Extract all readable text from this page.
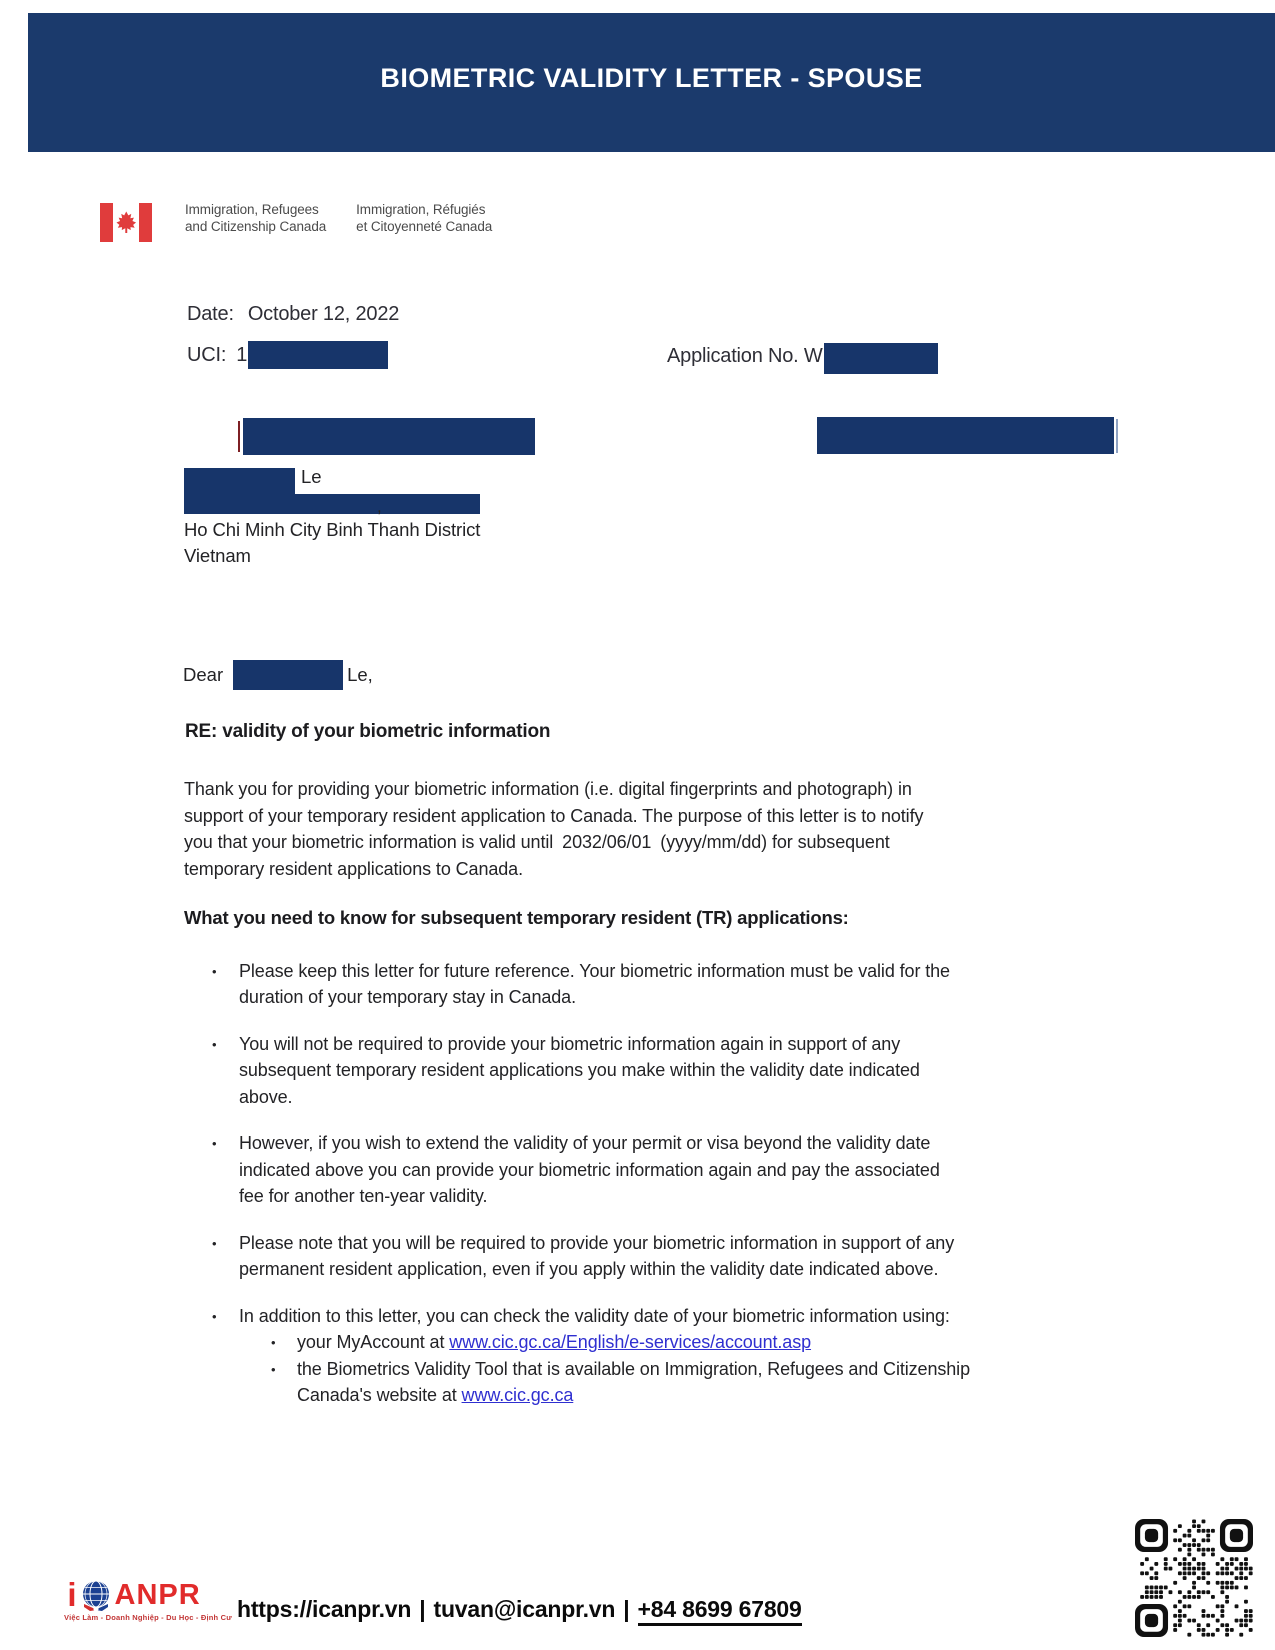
BIOMETRIC VALIDITY LETTER - SPOUSE
Immigration, Refugees
and Citizenship Canada
Immigration, Réfugiés
et Citoyenneté Canada
Date: October 12, 2022
UCI: 1	Application No. W
Le
,
Ho Chi Minh City Binh Thanh District
Vietnam
Dear	Le,
RE: validity of your biometric information

Thank you for providing your biometric information (i.e. digital fingerprints and photograph) in
support of your temporary resident application to Canada. The purpose of this letter is to notify
you that your biometric information is valid until 2032/06/01 (yyyy/mm/dd) for subsequent
temporary resident applications to Canada.

What you need to know for subsequent temporary resident (TR) applications:
• Please keep this letter for future reference. Your biometric information must be valid for the
duration of your temporary stay in Canada.
• You will not be required to provide your biometric information again in support of any
subsequent temporary resident applications you make within the validity date indicated
above.
• However, if you wish to extend the validity of your permit or visa beyond the validity date
indicated above you can provide your biometric information again and pay the associated
fee for another ten-year validity.
• Please note that you will be required to provide your biometric information in support of any
permanent resident application, even if you apply within the validity date indicated above.
• In addition to this letter, you can check the validity date of your biometric information using:
• your MyAccount at www.cic.gc.ca/English/e-services/account.asp
• the Biometrics Validity Tool that is available on Immigration, Refugees and Citizenship
Canada's website at www.cic.gc.ca
i ANPR
Việc Làm - Doanh Nghiệp - Du Học - Định Cư https://icanpr.vn | tuvan@icanpr.vn | +84 8699 67809
